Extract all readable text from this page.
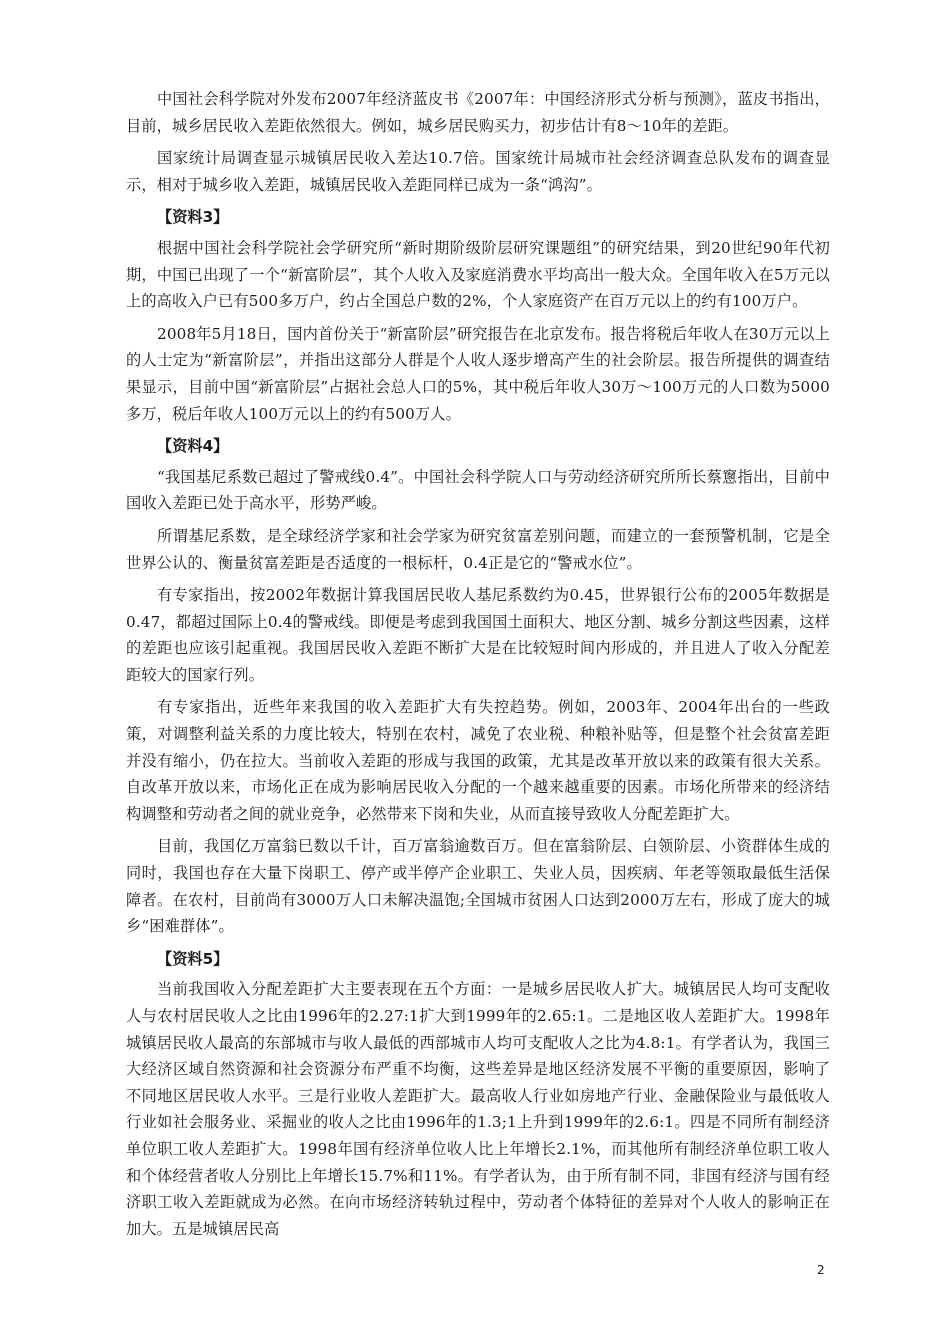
中国社会科学院对外发布2007年经济蓝皮书《2007年：中国经济形式分析与预测》，蓝皮书指出，目前，城乡居民收入差距依然很大。例如，城乡居民购买力，初步估计有8～10年的差距。

国家统计局调查显示城镇居民收入差达10.7倍。国家统计局城市社会经济调查总队发布的调查显示，相对于城乡收入差距，城镇居民收入差距同样已成为一条“鸿沟”。

【资料3】

根据中国社会科学院社会学研究所“新时期阶级阶层研究课题组”的研究结果，到20世纪90年代初期，中国已出现了一个“新富阶层”，其个人收入及家庭消费水平均高出一般大众。全国年收入在5万元以上的高收入户已有500多万户，约占全国总户数的2%，个人家庭资产在百万元以上的约有100万户。

2008年5月18日，国内首份关于“新富阶层”研究报告在北京发布。报告将税后年收人在30万元以上的人士定为“新富阶层”，并指出这部分人群是个人收人逐步增高产生的社会阶层。报告所提供的调查结果显示，目前中国“新富阶层”占据社会总人口的5%，其中税后年收人30万～100万元的人口数为5000多万，税后年收人100万元以上的约有500万人。

【资料4】

“我国基尼系数已超过了警戒线0.4”。中国社会科学院人口与劳动经济研究所所长蔡窻指出，目前中国收入差距已处于高水平，形势严峻。

所谓基尼系数，是全球经济学家和社会学家为研究贫富差别问题，而建立的一套预警机制，它是全世界公认的、衡量贫富差距是否适度的一根标杆，0.4正是它的“警戒水位”。

有专家指出，按2002年数据计算我国居民收人基尼系数约为0.45，世界银行公布的2005年数据是0.47，都超过国际上0.4的警戒线。即便是考虑到我国国土面积大、地区分割、城乡分割这些因素，这样的差距也应该引起重视。我国居民收入差距不断扩大是在比较短时间内形成的，并且进人了收入分配差距较大的国家行列。

有专家指出，近些年来我国的收入差距扩大有失控趋势。例如，2003年、2004年出台的一些政策，对调整利益关系的力度比较大，特别在农村，减免了农业税、种粮补贴等，但是整个社会贫富差距并没有缩小，仍在拉大。当前收入差距的形成与我国的政策，尤其是改革开放以来的政策有很大关系。自改革开放以来，市场化正在成为影响居民收入分配的一个越来越重要的因素。市场化所带来的经济结构调整和劳动者之间的就业竞争，必然带来下岗和失业，从而直接导致收人分配差距扩大。

目前，我国亿万富翁巳数以千计，百万富翁逾数百万。但在富翁阶层、白领阶层、小资群体生成的同时，我国也存在大量下岗职工、停产或半停产企业职工、失业人员，因疾病、年老等领取最低生活保障者。在农村，目前尚有3000万人口未解决温饱;全国城市贫困人口达到2000万左右，形成了庞大的城乡“困难群体”。

【资料5】

当前我国收入分配差距扩大主要表现在五个方面：一是城乡居民收人扩大。城镇居民人均可支配收人与农村居民收人之比由1996年的2.27:1扩大到1999年的2.65:1。二是地区收人差距扩大。1998年城镇居民收人最高的东部城市与收人最低的西部城市人均可支配收人之比为4.8:1。有学者认为，我国三大经济区域自然资源和社会资源分布严重不均衡，这些差异是地区经济发展不平衡的重要原因，影响了不同地区居民收人水平。三是行业收人差距扩大。最高收人行业如房地产行业、金融保险业与最低收人行业如社会服务业、采掘业的收人之比由1996年的1.3;1上升到1999年的2.6:1。四是不同所有制经济单位职工收人差距扩大。1998年国有经济单位收人比上年增长2.1%，而其他所有制经济单位职工收人和个体经营者收人分别比上年增长15.7%和11%。有学者认为，由于所有制不同，非国有经济与国有经济职工收入差距就成为必然。在向市场经济转轨过程中，劳动者个体特征的差异对个人收人的影响正在加大。五是城镇居民高

2
